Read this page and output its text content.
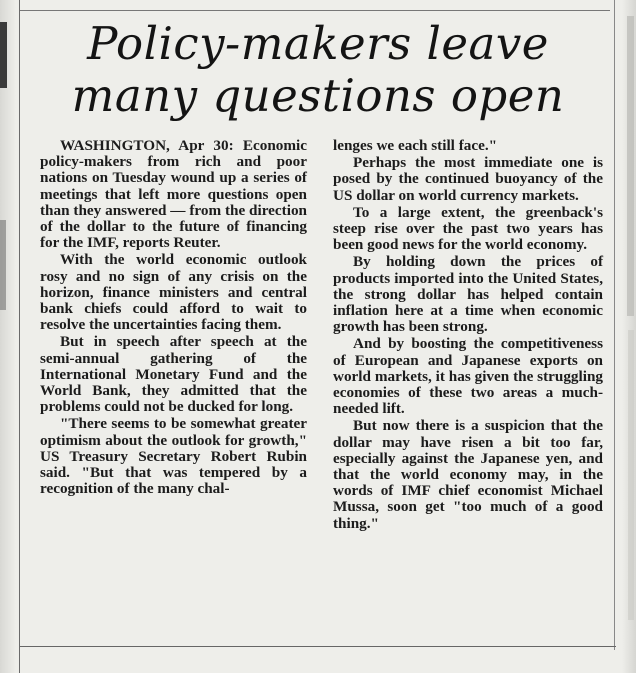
Policy-makers leave
many questions open

WASHINGTON, Apr 30: Economic policy-makers from rich and poor nations on Tuesday wound up a series of meetings that left more questions open than they answered — from the direction of the dollar to the future of financing for the IMF, reports Reuter.

With the world economic outlook rosy and no sign of any crisis on the horizon, finance ministers and central bank chiefs could afford to wait to resolve the uncertainties facing them.

But in speech after speech at the semi-annual gathering of the International Monetary Fund and the World Bank, they admitted that the problems could not be ducked for long.

"There seems to be somewhat greater optimism about the outlook for growth," US Treasury Secretary Robert Rubin said. "But that was tempered by a recognition of the many chal-

lenges we each still face."

Perhaps the most immediate one is posed by the continued buoyancy of the US dollar on world currency markets.

To a large extent, the greenback's steep rise over the past two years has been good news for the world economy.

By holding down the prices of products imported into the United States, the strong dollar has helped contain inflation here at a time when economic growth has been strong.

And by boosting the competitiveness of European and Japanese exports on world markets, it has given the struggling economies of these two areas a much-needed lift.

But now there is a suspicion that the dollar may have risen a bit too far, especially against the Japanese yen, and that the world economy may, in the words of IMF chief economist Michael Mussa, soon get "too much of a good thing."
